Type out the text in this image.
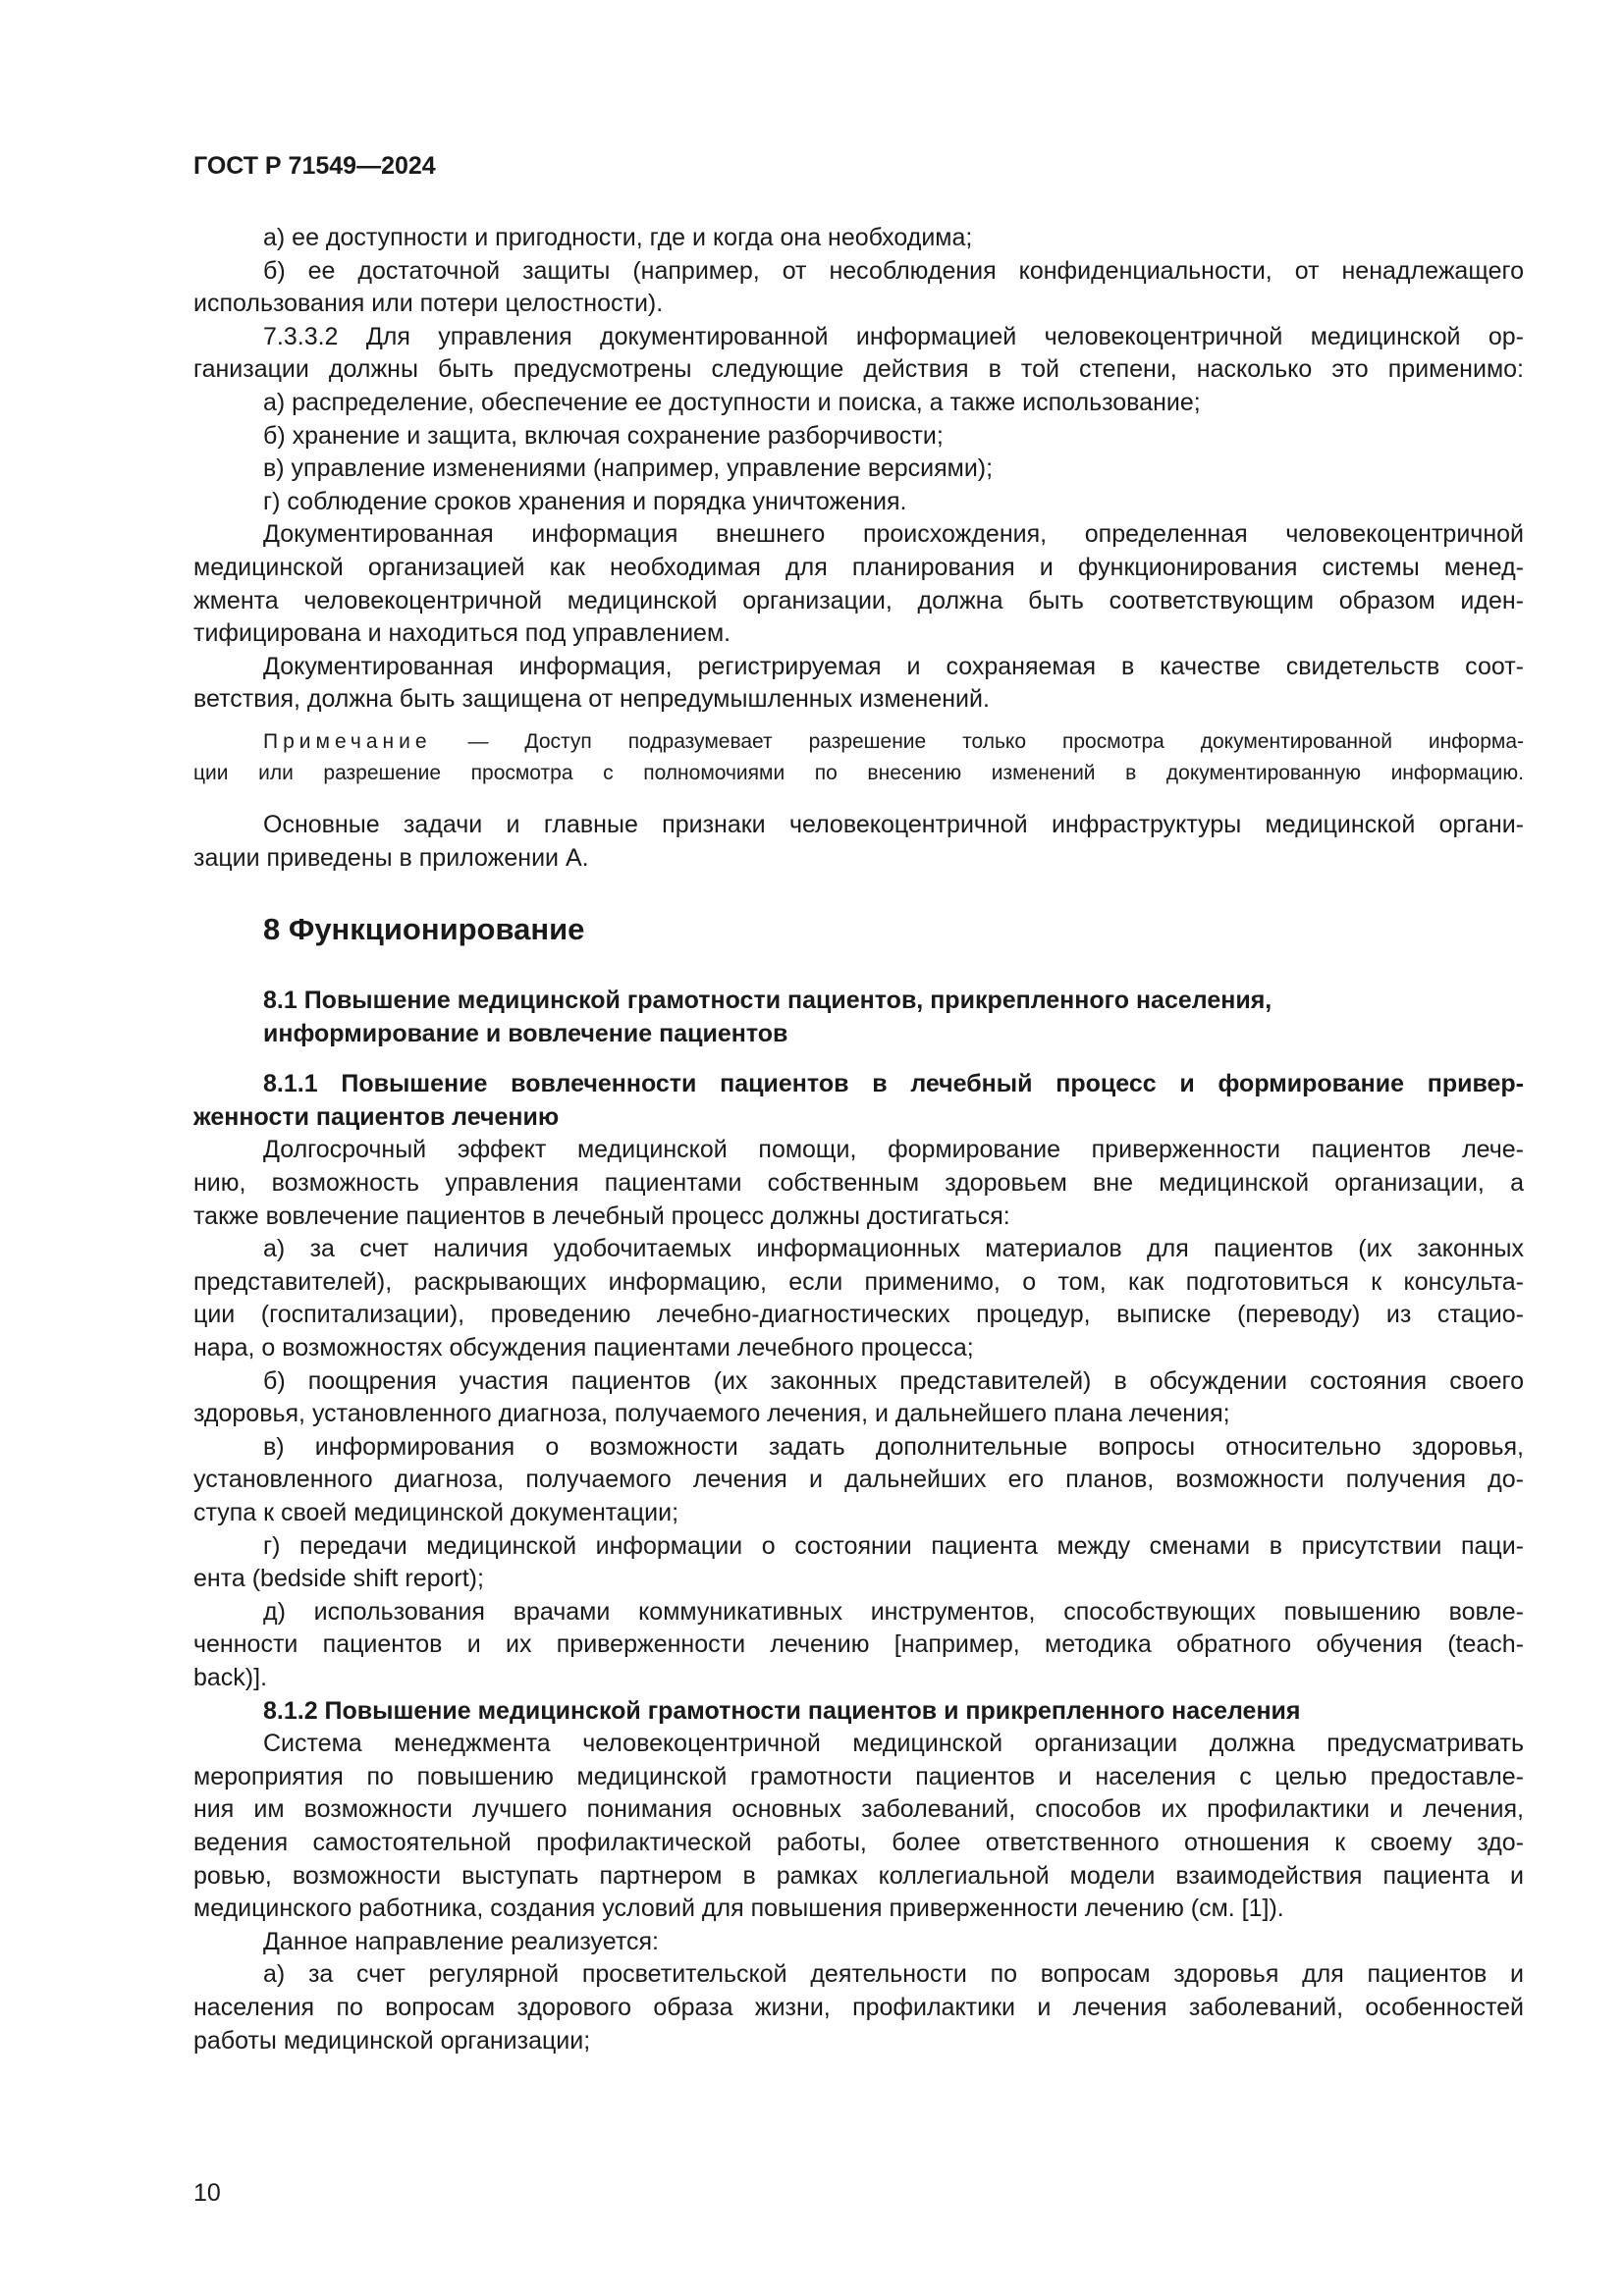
ГОСТ Р 71549—2024
а) ее доступности и пригодности, где и когда она необходима;
б) ее достаточной защиты (например, от несоблюдения конфиденциальности, от ненадлежащего
использования или потери целостности).
7.3.3.2 Для управления документированной информацией человекоцентричной медицинской ор-
ганизации должны быть предусмотрены следующие действия в той степени, насколько это применимо:
а) распределение, обеспечение ее доступности и поиска, а также использование;
б) хранение и защита, включая сохранение разборчивости;
в) управление изменениями (например, управление версиями);
г) соблюдение сроков хранения и порядка уничтожения.
Документированная информация внешнего происхождения, определенная человекоцентричной
медицинской организацией как необходимая для планирования и функционирования системы менед-
жмента человекоцентричной медицинской организации, должна быть соответствующим образом иден-
тифицирована и находиться под управлением.
Документированная информация, регистрируемая и сохраняемая в качестве свидетельств соот-
ветствия, должна быть защищена от непредумышленных изменений.
Примечание — Доступ подразумевает разрешение только просмотра документированной информа-
ции или разрешение просмотра с полномочиями по внесению изменений в документированную информацию.
Основные задачи и главные признаки человекоцентричной инфраструктуры медицинской органи-
зации приведены в приложении А.
8 Функционирование
8.1 Повышение медицинской грамотности пациентов, прикрепленного населения,
информирование и вовлечение пациентов
8.1.1 Повышение вовлеченности пациентов в лечебный процесс и формирование привер-
женности пациентов лечению
Долгосрочный эффект медицинской помощи, формирование приверженности пациентов лече-
нию, возможность управления пациентами собственным здоровьем вне медицинской организации, а
также вовлечение пациентов в лечебный процесс должны достигаться:
а) за счет наличия удобочитаемых информационных материалов для пациентов (их законных
представителей), раскрывающих информацию, если применимо, о том, как подготовиться к консульта-
ции (госпитализации), проведению лечебно-диагностических процедур, выписке (переводу) из стацио-
нара, о возможностях обсуждения пациентами лечебного процесса;
б) поощрения участия пациентов (их законных представителей) в обсуждении состояния своего
здоровья, установленного диагноза, получаемого лечения, и дальнейшего плана лечения;
в) информирования о возможности задать дополнительные вопросы относительно здоровья,
установленного диагноза, получаемого лечения и дальнейших его планов, возможности получения до-
ступа к своей медицинской документации;
г) передачи медицинской информации о состоянии пациента между сменами в присутствии паци-
ента (bedside shift report);
д) использования врачами коммуникативных инструментов, способствующих повышению вовле-
ченности пациентов и их приверженности лечению [например, методика обратного обучения (teach-
back)].
8.1.2 Повышение медицинской грамотности пациентов и прикрепленного населения
Система менеджмента человекоцентричной медицинской организации должна предусматривать
мероприятия по повышению медицинской грамотности пациентов и населения с целью предоставле-
ния им возможности лучшего понимания основных заболеваний, способов их профилактики и лечения,
ведения самостоятельной профилактической работы, более ответственного отношения к своему здо-
ровью, возможности выступать партнером в рамках коллегиальной модели взаимодействия пациента и
медицинского работника, создания условий для повышения приверженности лечению (см. [1]).
Данное направление реализуется:
а) за счет регулярной просветительской деятельности по вопросам здоровья для пациентов и
населения по вопросам здорового образа жизни, профилактики и лечения заболеваний, особенностей
работы медицинской организации;
10
